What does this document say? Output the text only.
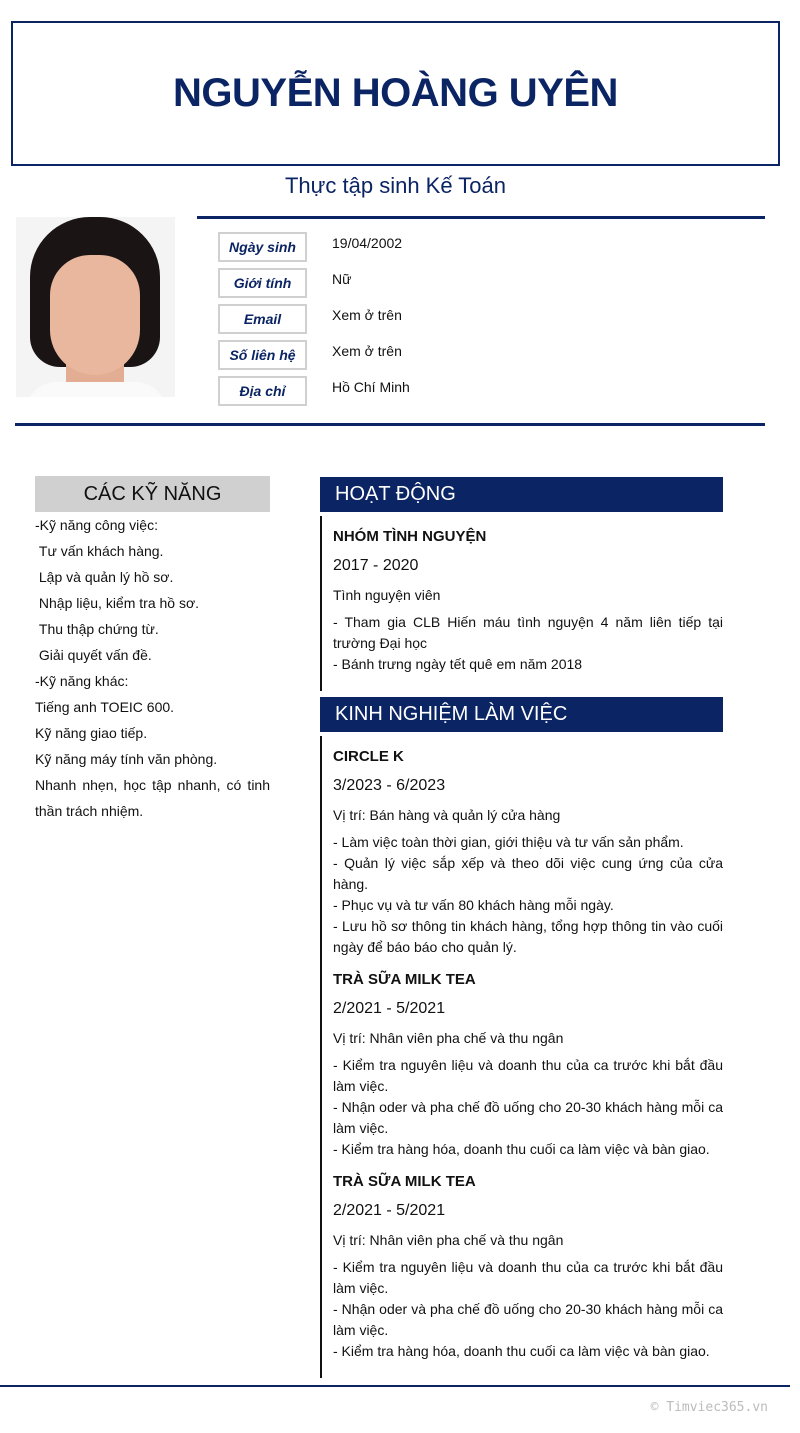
NGUYỄN HOÀNG UYÊN
Thực tập sinh Kế Toán
Ngày sinh	19/04/2002
Giới tính	Nữ
Email	Xem ở trên
Số liên hệ	Xem ở trên
Địa chỉ	Hồ Chí Minh
CÁC KỸ NĂNG
-Kỹ năng công việc:
Tư vấn khách hàng.
Lập và quản lý hồ sơ.
Nhập liệu, kiểm tra hồ sơ.
Thu thập chứng từ.
Giải quyết vấn đề.
-Kỹ năng khác:
Tiếng anh TOEIC 600.
Kỹ năng giao tiếp.
Kỹ năng máy tính văn phòng.
Nhanh nhẹn, học tập nhanh, có tinh thần trách nhiệm.
HOẠT ĐỘNG
NHÓM TÌNH NGUYỆN
2017 - 2020
Tình nguyện viên
- Tham gia CLB Hiến máu tình nguyện 4 năm liên tiếp tại trường Đại học
- Bánh trưng ngày tết quê em năm 2018
KINH NGHIỆM LÀM VIỆC
CIRCLE K
3/2023 - 6/2023
Vị trí: Bán hàng và quản lý cửa hàng
- Làm việc toàn thời gian, giới thiệu và tư vấn sản phẩm.
- Quản lý việc sắp xếp và theo dõi việc cung ứng của cửa hàng.
- Phục vụ và tư vấn 80 khách hàng mỗi ngày.
- Lưu hồ sơ thông tin khách hàng, tổng hợp thông tin vào cuối ngày để báo báo cho quản lý.
TRÀ SỮA MILK TEA
2/2021 - 5/2021
Vị trí: Nhân viên pha chế và thu ngân
- Kiểm tra nguyên liệu và doanh thu của ca trước khi bắt đầu làm việc.
- Nhận oder và pha chế đồ uống cho 20-30 khách hàng mỗi ca làm việc.
- Kiểm tra hàng hóa, doanh thu cuối ca làm việc và bàn giao.
TRÀ SỮA MILK TEA
2/2021 - 5/2021
Vị trí: Nhân viên pha chế và thu ngân
- Kiểm tra nguyên liệu và doanh thu của ca trước khi bắt đầu làm việc.
- Nhận oder và pha chế đồ uống cho 20-30 khách hàng mỗi ca làm việc.
- Kiểm tra hàng hóa, doanh thu cuối ca làm việc và bàn giao.
© Timviec365.vn
